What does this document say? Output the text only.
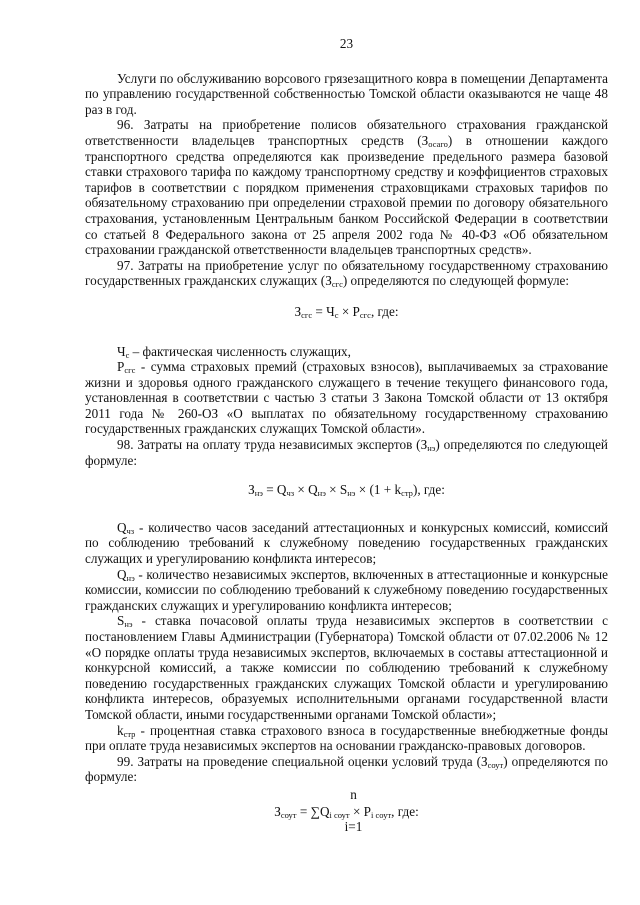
23

Услуги по обслуживанию ворсового грязезащитного ковра в помещении Департамента по управлению государственной собственностью Томской области оказываются не чаще 48 раз в год.

96. Затраты на приобретение полисов обязательного страхования гражданской ответственности владельцев транспортных средств $(З_{осаго})$ в отношении каждого транспортного средства определяются как произведение предельного размера базовой ставки страхового тарифа по каждому транспортному средству и коэффициентов страховых тарифов в соответствии с порядком применения страховщиками страховых тарифов по обязательному страхованию при определении страховой премии по договору обязательного страхования, установленным Центральным банком Российской Федерации в соответствии со статьей 8 Федерального закона от 25 апреля 2002 года № 40-ФЗ «Об обязательном страховании гражданской ответственности владельцев транспортных средств».

97. Затраты на приобретение услуг по обязательному государственному страхованию государственных гражданских служащих $(З_{сгс})$ определяются по следующей формуле:

$З_{сгс} = Ч_с \times Р_{сгс}$, где:

$Ч_с$ – фактическая численность служащих,

$Р_{сгс}$ - сумма страховых премий (страховых взносов), выплачиваемых за страхование жизни и здоровья одного гражданского служащего в течение текущего финансового года, установленная в соответствии с частью 3 статьи 3 Закона Томской области от 13 октября 2011 года № 260-ОЗ «О выплатах по обязательному государственному страхованию государственных гражданских служащих Томской области».

98. Затраты на оплату труда независимых экспертов $(З_{нэ})$ определяются по следующей формуле:

$З_{нэ} = Q_{чз} \times Q_{нэ} \times S_{нэ} \times (1 + k_{стр})$, где:

$Q_{чз}$ - количество часов заседаний аттестационных и конкурсных комиссий, комиссий по соблюдению требований к служебному поведению государственных гражданских служащих и урегулированию конфликта интересов;

$Q_{нэ}$ - количество независимых экспертов, включенных в аттестационные и конкурсные комиссии, комиссии по соблюдению требований к служебному поведению государственных гражданских служащих и урегулированию конфликта интересов;

$S_{нэ}$ - ставка почасовой оплаты труда независимых экспертов в соответствии с постановлением Главы Администрации (Губернатора) Томской области от 07.02.2006 № 12 «О порядке оплаты труда независимых экспертов, включаемых в составы аттестационной и конкурсной комиссий, а также комиссии по соблюдению требований к служебному поведению государственных гражданских служащих Томской области и урегулированию конфликта интересов, образуемых исполнительными органами государственной власти Томской области, иными государственными органами Томской области»;

$k_{стр}$ - процентная ставка страхового взноса в государственные внебюджетные фонды при оплате труда независимых экспертов на основании гражданско-правовых договоров.

99. Затраты на проведение специальной оценки условий труда $(З_{соут})$ определяются по формуле:

n
$З_{соут} = \sum Q_{i соут} \times P_{i соут}$, где:
i=1
